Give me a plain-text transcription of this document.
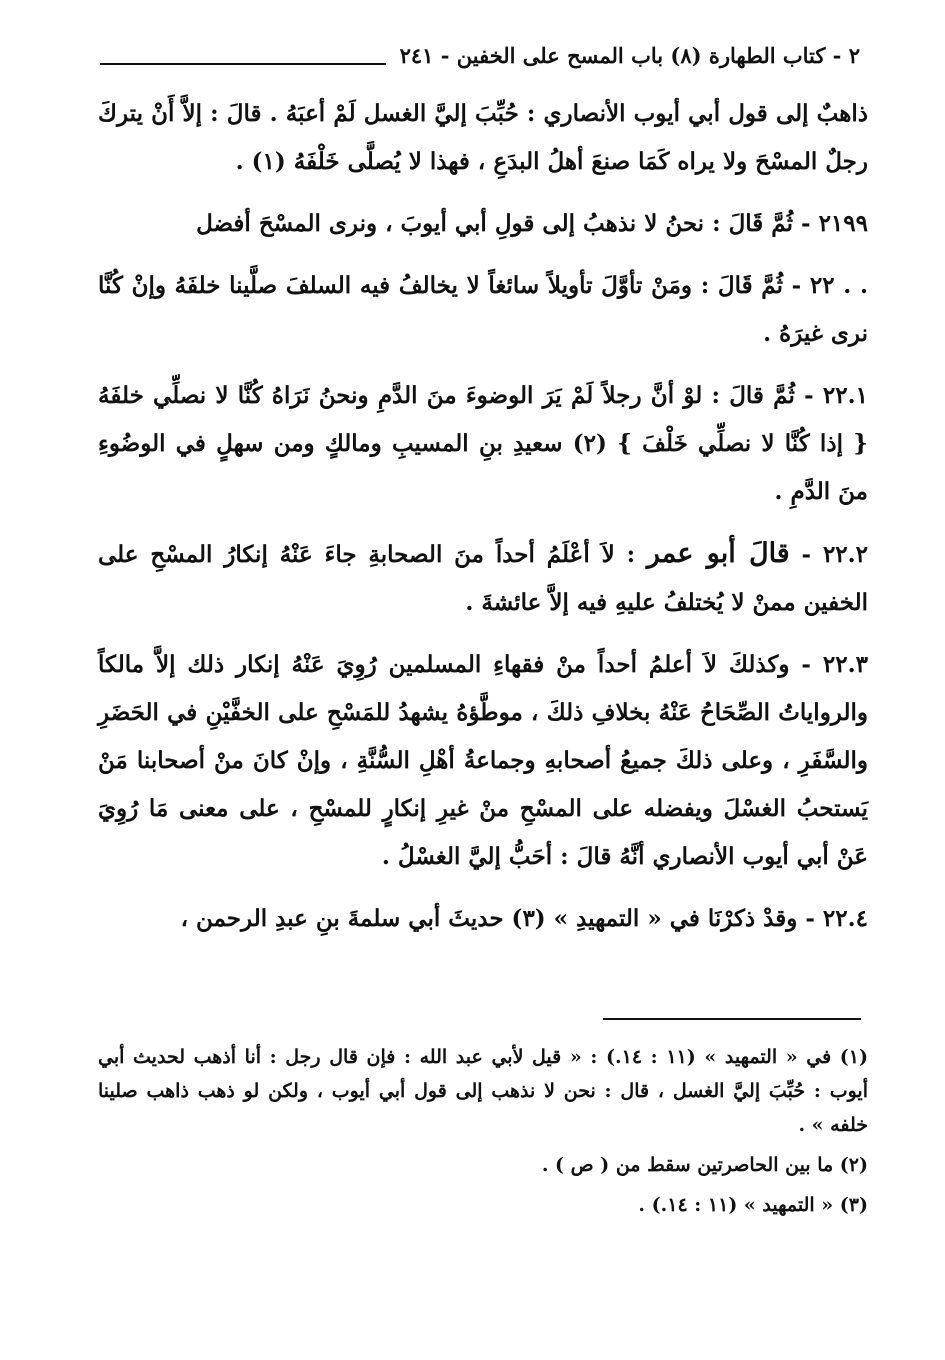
٢ - كتاب الطهارة (٨) باب المسح على الخفين - ٢٤١

ذاهبٌ إلى قول أبي أيوب الأنصاري : حُبِّبَ إليَّ الغسل لَمْ أعبَهُ . قالَ : إلاَّ أَنْ يتركَ رجلٌ المسْحَ ولا يراه كَمَا صنعَ أهلُ البدَعِ ، فهذا لا يُصلَّى خَلْفَهُ (١) .

٢١٩٩ - ثُمَّ قَالَ : نحنُ لا نذهبُ إلى قولِ أبي أيوبَ ، ونرى المسْحَ أفضل

. . ٢٢ - ثُمَّ قَالَ : ومَنْ تأوَّلَ تأويلاً سائغاً لا يخالفُ فيه السلفَ صلَّينا خلفَهُ وإنْ كُنَّا نرى غيرَهُ .

٢٢.١ - ثُمَّ قالَ : لوْ أنَّ رجلاً لَمْ يَرَ الوضوءَ منَ الدَّمِ ونحنُ نَرَاهُ كُنَّا لا نصلِّي خلفَهُ { إذا كُنَّا لا نصلِّي خَلْفَ } (٢) سعيدِ بنِ المسيبِ ومالكٍ ومن سهلٍ في الوضُوءِ منَ الدَّمِ .

٢٢.٢ - قالَ أبو عمر : لاَ أعْلَمُ أحداً منَ الصحابةِ جاءَ عَنْهُ إنكارُ المسْحِ على الخفين ممنْ لا يُختلفُ عليهِ فيه إلاَّ عائشةَ .

٢٢.٣ - وكذلكَ لاَ أعلمُ أحداً منْ فقهاءِ المسلمين رُوِيَ عَنْهُ إنكار ذلك إلاَّ مالكاً والرواياتُ الصِّحَاحُ عَنْهُ بخلافِ ذلكَ ، موطَّؤهُ يشهدُ للمَسْحِ على الخفَّيْنِ في الحَضَرِ والسَّفَرِ ، وعلى ذلكَ جميعُ أصحابهِ وجماعةُ أهْلِ السُّنَّةِ ، وإنْ كانَ منْ أصحابنا مَنْ يَستحبُ الغسْلَ ويفضله على المسْحِ منْ غيرِ إنكارٍ للمسْحِ ، على معنى مَا رُوِيَ عَنْ أبي أيوب الأنصاري أنَّهُ قالَ : أحَبُّ إليَّ الغسْلُ .

٢٢.٤ - وقدْ ذكرْنَا في « التمهيدِ » (٣) حديثَ أبي سلمةَ بنِ عبدِ الرحمن ،

(١) في « التمهيد » (١١ : ١٤.) : « قيل لأبي عبد الله : فإن قال رجل : أنا أذهب لحديث أبي أيوب : حُبِّبَ إليَّ الغسل ، قال : نحن لا نذهب إلى قول أبي أيوب ، ولكن لو ذهب ذاهب صلينا خلفه » .

(٢) ما بين الحاصرتين سقط من ( ص ) .

(٣) « التمهيد » (١١ : ١٤.) .
